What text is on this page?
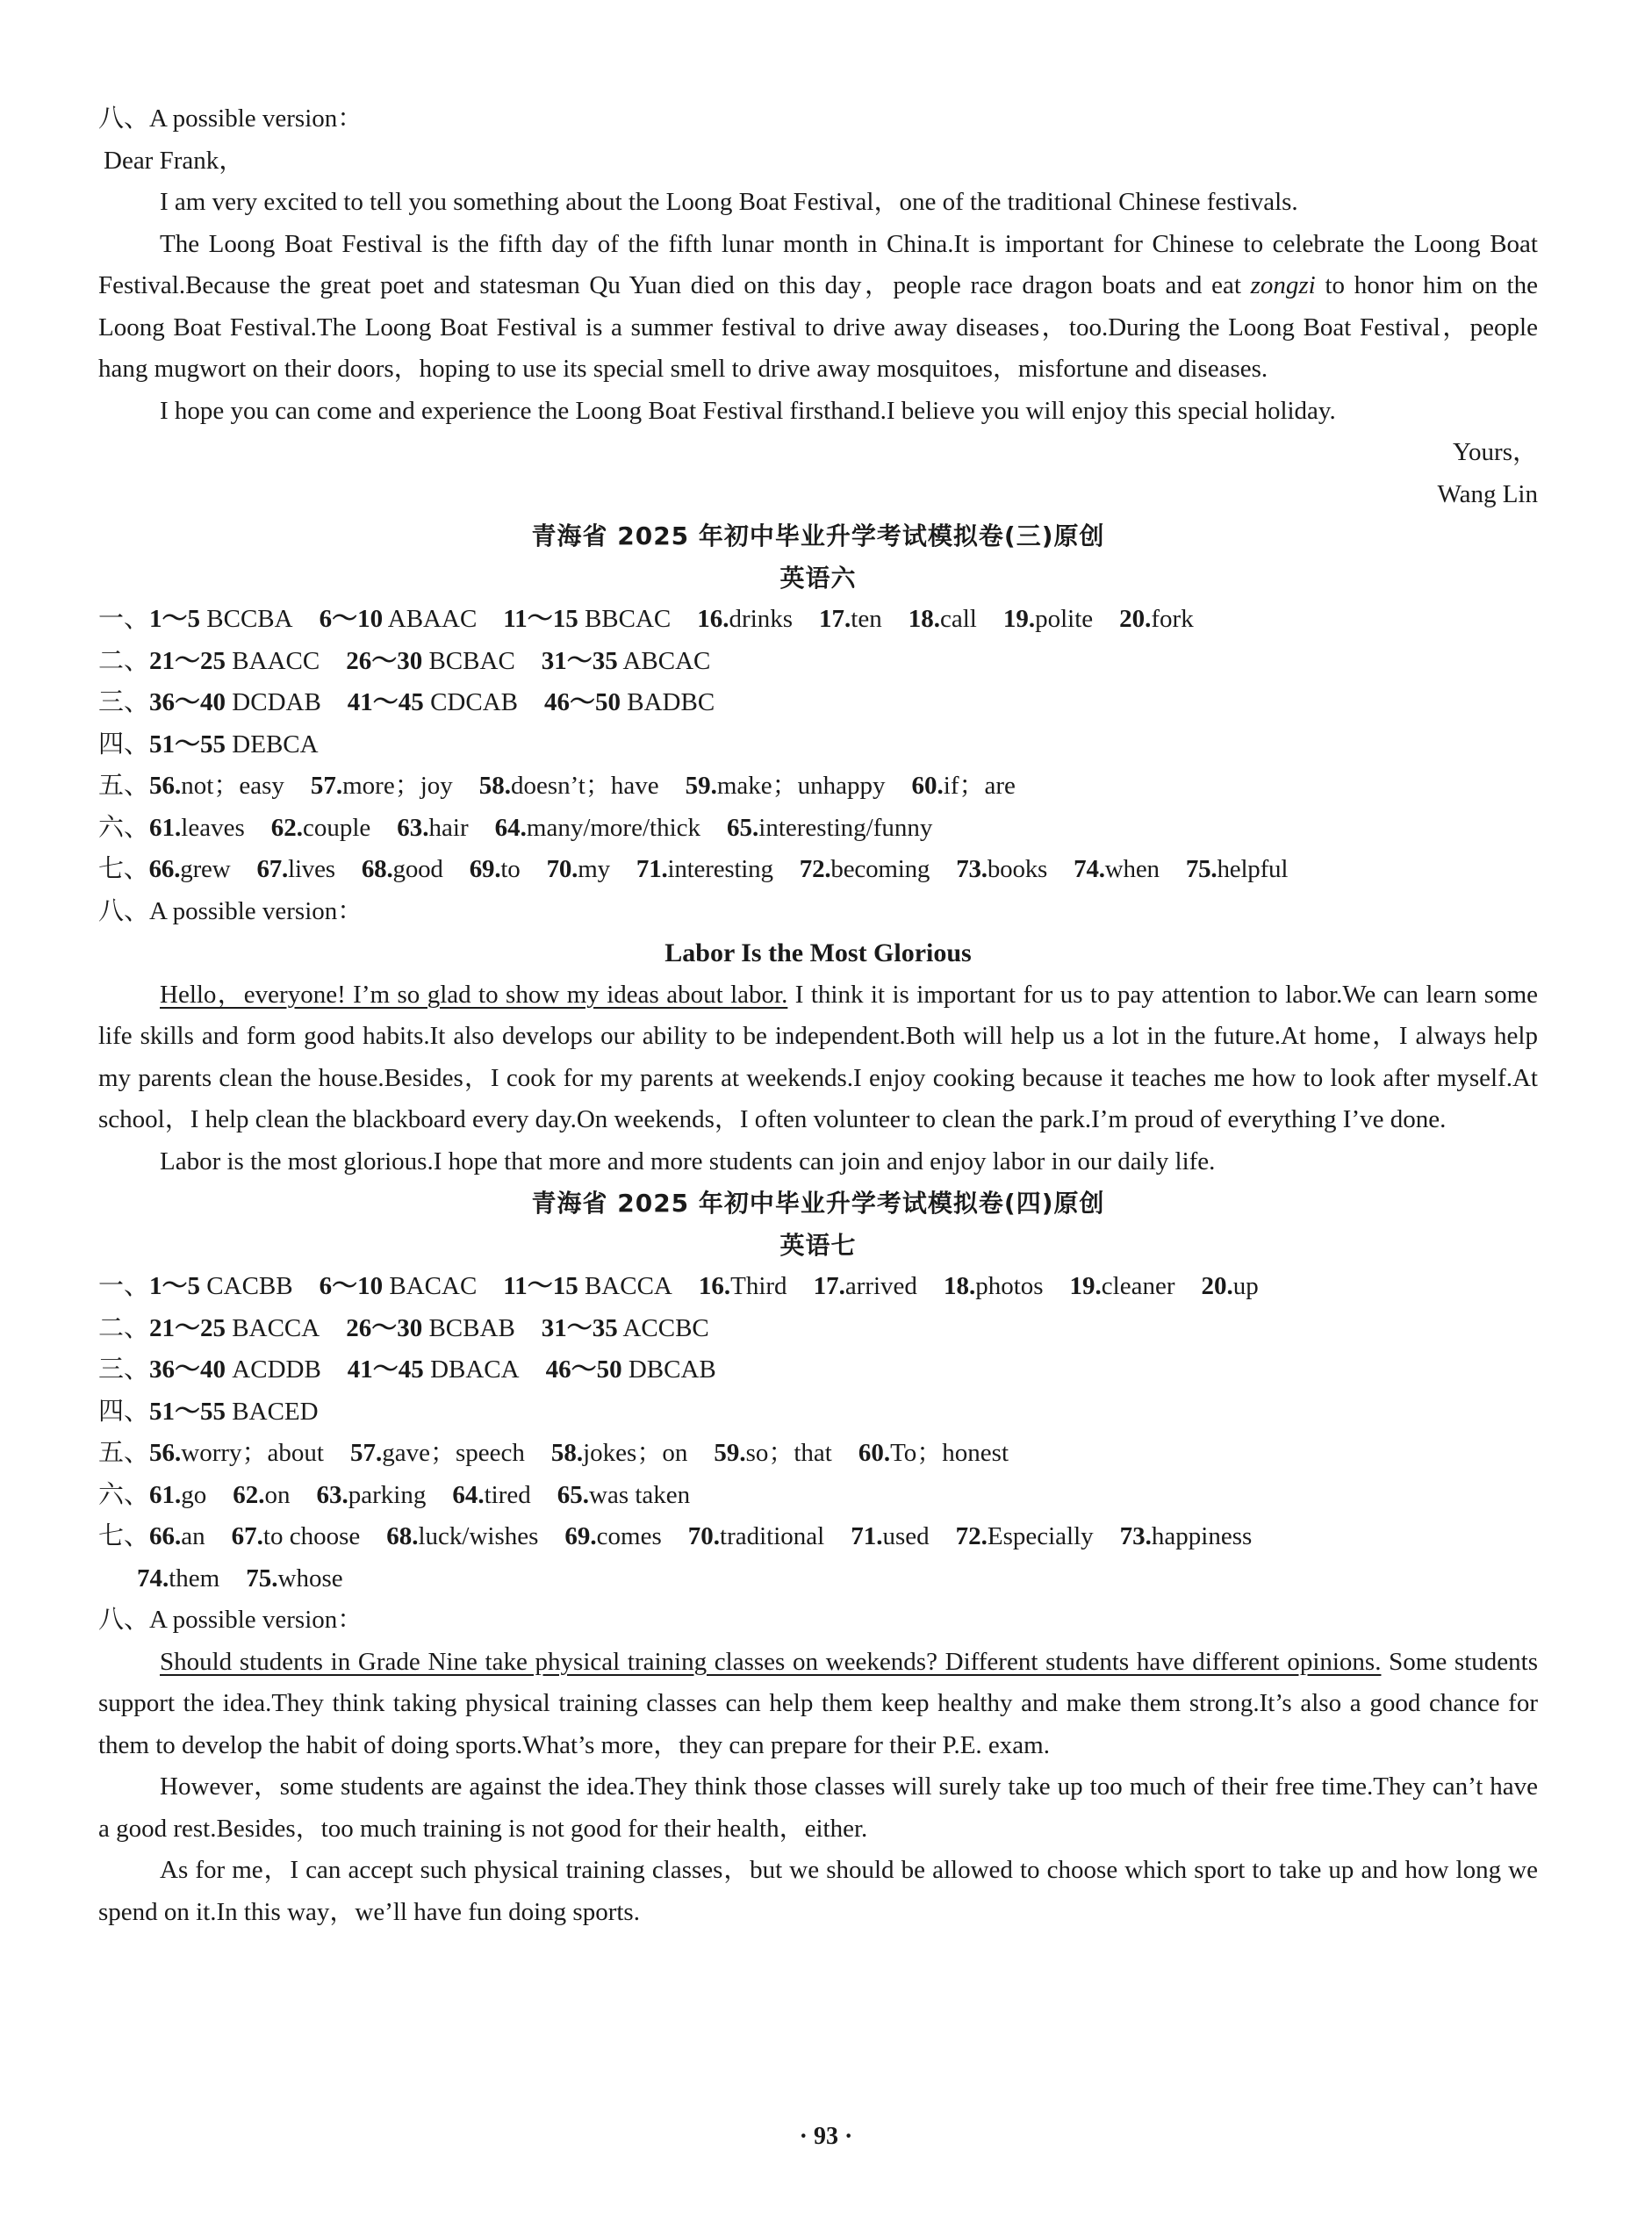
八、A possible version：
Dear Frank，
I am very excited to tell you something about the Loong Boat Festival，one of the traditional Chinese festivals.
The Loong Boat Festival is the fifth day of the fifth lunar month in China.It is important for Chinese to celebrate the Loong Boat Festival.Because the great poet and statesman Qu Yuan died on this day，people race dragon boats and eat zongzi to honor him on the Loong Boat Festival.The Loong Boat Festival is a summer festival to drive away diseases，too.During the Loong Boat Festival，people hang mugwort on their doors，hoping to use its special smell to drive away mosquitoes，misfortune and diseases.
I hope you can come and experience the Loong Boat Festival firsthand.I believe you will enjoy this special holiday.
Yours，
Wang Lin
青海省 2025 年初中毕业升学考试模拟卷(三)原创
英语六
一、1～5 BCCBA 6～10 ABAAC 11～15 BBCAC 16.drinks 17.ten 18.call 19.polite 20.fork
二、21～25 BAACC 26～30 BCBAC 31～35 ABCAC
三、36～40 DCDAB 41～45 CDCAB 46～50 BADBC
四、51～55 DEBCA
五、56.not；easy 57.more；joy 58.doesn’t；have 59.make；unhappy 60.if；are
六、61.leaves 62.couple 63.hair 64.many/more/thick 65.interesting/funny
七、66.grew 67.lives 68.good 69.to 70.my 71.interesting 72.becoming 73.books 74.when 75.helpful
八、A possible version：
Labor Is the Most Glorious
Hello，everyone! I’m so glad to show my ideas about labor. I think it is important for us to pay attention to labor.We can learn some life skills and form good habits.It also develops our ability to be independent.Both will help us a lot in the future.At home，I always help my parents clean the house.Besides，I cook for my parents at weekends.I enjoy cooking because it teaches me how to look after myself.At school，I help clean the blackboard every day.On weekends，I often volunteer to clean the park.I’m proud of everything I’ve done.
Labor is the most glorious.I hope that more and more students can join and enjoy labor in our daily life.
青海省 2025 年初中毕业升学考试模拟卷(四)原创
英语七
一、1～5 CACBB 6～10 BACAC 11～15 BACCA 16.Third 17.arrived 18.photos 19.cleaner 20.up
二、21～25 BACCA 26～30 BCBAB 31～35 ACCBC
三、36～40 ACDDB 41～45 DBACA 46～50 DBCAB
四、51～55 BACED
五、56.worry；about 57.gave；speech 58.jokes；on 59.so；that 60.To；honest
六、61.go 62.on 63.parking 64.tired 65.was taken
七、66.an 67.to choose 68.luck/wishes 69.comes 70.traditional 71.used 72.Especially 73.happiness
74.them 75.whose
八、A possible version：
Should students in Grade Nine take physical training classes on weekends? Different students have different opinions. Some students support the idea.They think taking physical training classes can help them keep healthy and make them strong.It’s also a good chance for them to develop the habit of doing sports.What’s more，they can prepare for their P.E. exam.
However，some students are against the idea.They think those classes will surely take up too much of their free time.They can’t have a good rest.Besides，too much training is not good for their health，either.
As for me，I can accept such physical training classes，but we should be allowed to choose which sport to take up and how long we spend on it.In this way，we’ll have fun doing sports.
· 93 ·
